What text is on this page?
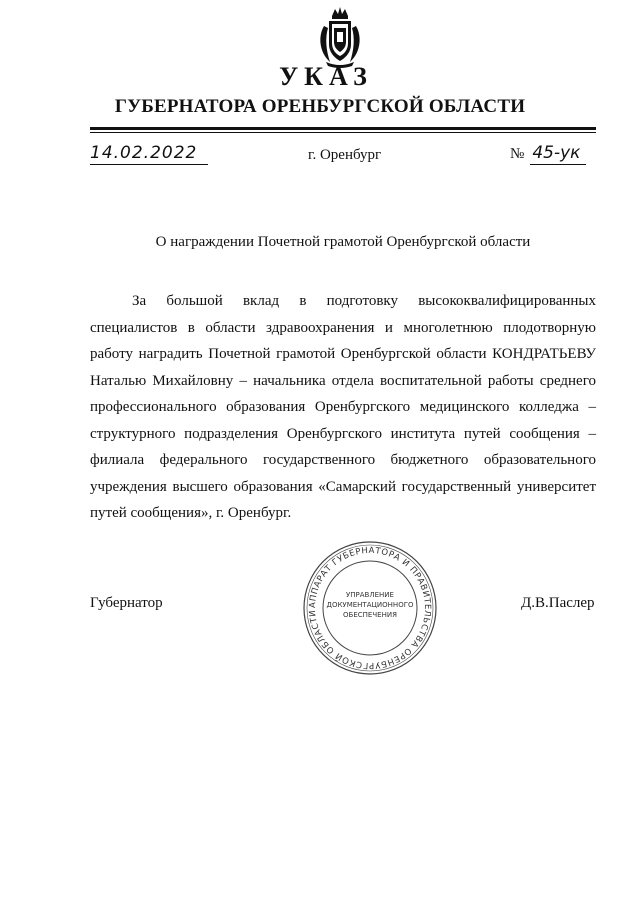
УКАЗ
ГУБЕРНАТОРА ОРЕНБУРГСКОЙ ОБЛАСТИ
14.02.2022	г. Оренбург	№ 45-ук

О награждении Почетной грамотой Оренбургской области

За большой вклад в подготовку высококвалифицированных специалистов в области здравоохранения и многолетнюю плодотворную работу наградить Почетной грамотой Оренбургской области КОНДРАТЬЕВУ Наталью Михайловну – начальника отдела воспитательной работы среднего профессионального образования Оренбургского медицинского колледжа – структурного подразделения Оренбургского института путей сообщения – филиала федерального государственного бюджетного образовательного учреждения высшего образования «Самарский государственный университет путей сообщения», г. Оренбург.

Губернатор	Д.В.Паслер
АППАРАТ ГУБЕРНАТОРА И ПРАВИТЕЛЬСТВА ОРЕНБУРГСКОЙ ОБЛАСТИ

УПРАВЛЕНИЕ

ДОКУМЕНТАЦИОННОГО

ОБЕСПЕЧЕНИЯ
